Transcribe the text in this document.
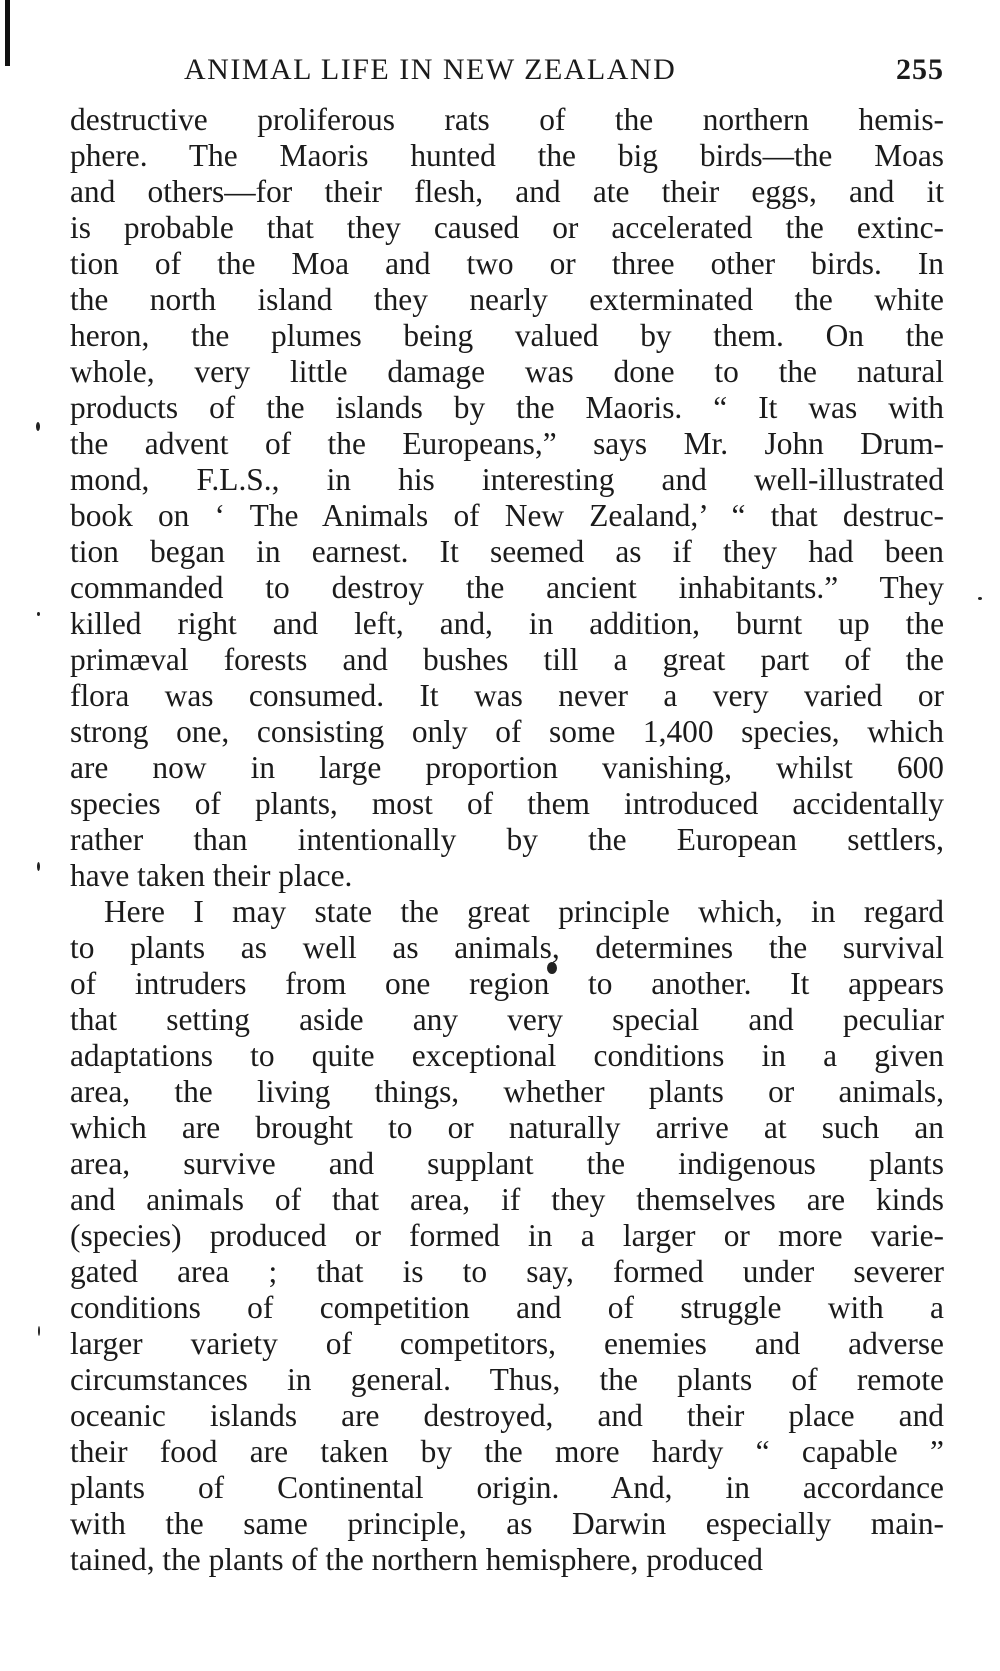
ANIMAL LIFE IN NEW ZEALAND	255
destructive proliferous rats of the northern hemis-
phere. The Maoris hunted the big birds—the Moas
and others—for their flesh, and ate their eggs, and it
is probable that they caused or accelerated the extinc-
tion of the Moa and two or three other birds. In
the north island they nearly exterminated the white
heron, the plumes being valued by them. On the
whole, very little damage was done to the natural
products of the islands by the Maoris. “ It was with
the advent of the Europeans,” says Mr. John Drum-
mond, F.L.S., in his interesting and well-illustrated
book on ‘ The Animals of New Zealand,’ “ that destruc-
tion began in earnest. It seemed as if they had been
commanded to destroy the ancient inhabitants.” They
killed right and left, and, in addition, burnt up the
primæval forests and bushes till a great part of the
flora was consumed. It was never a very varied or
strong one, consisting only of some 1,400 species, which
are now in large proportion vanishing, whilst 600
species of plants, most of them introduced accidentally
rather than intentionally by the European settlers,
have taken their place.
Here I may state the great principle which, in regard
to plants as well as animals, determines the survival
of intruders from one region to another. It appears
that setting aside any very special and peculiar
adaptations to quite exceptional conditions in a given
area, the living things, whether plants or animals,
which are brought to or naturally arrive at such an
area, survive and supplant the indigenous plants
and animals of that area, if they themselves are kinds
(species) produced or formed in a larger or more varie-
gated area ; that is to say, formed under severer
conditions of competition and of struggle with a
larger variety of competitors, enemies and adverse
circumstances in general. Thus, the plants of remote
oceanic islands are destroyed, and their place and
their food are taken by the more hardy “ capable ”
plants of Continental origin. And, in accordance
with the same principle, as Darwin especially main-
tained, the plants of the northern hemisphere, produced
